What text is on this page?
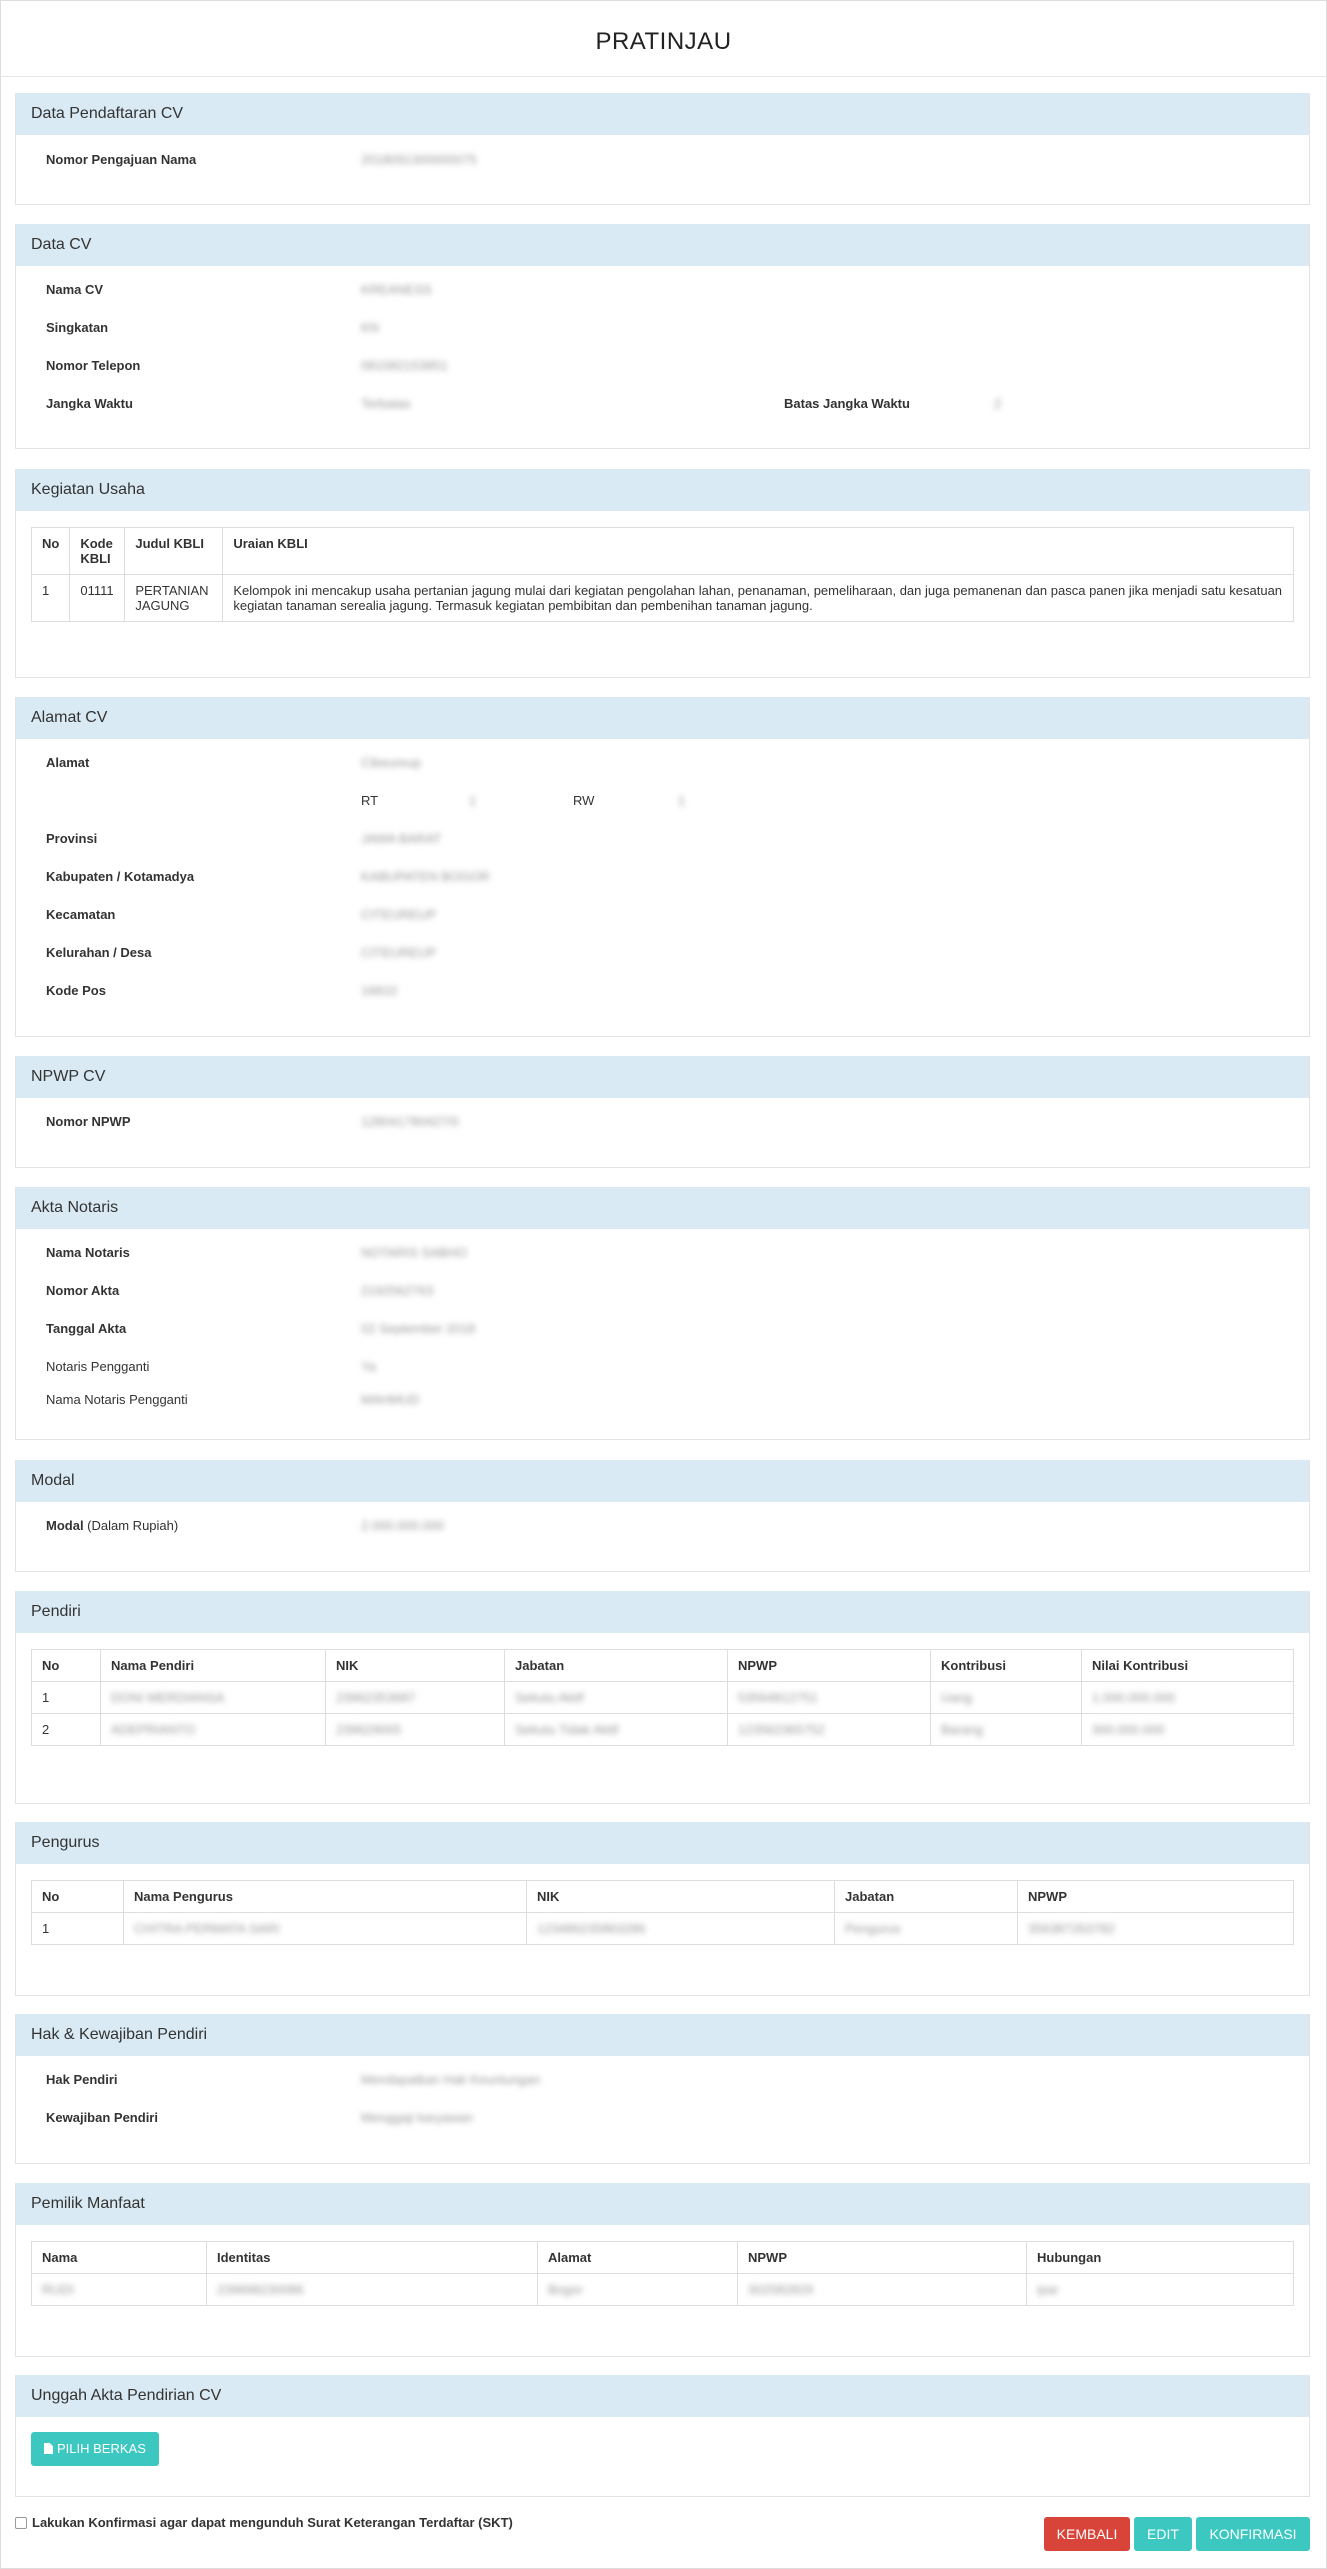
PRATINJAU
Data Pendaftaran CV
Nomor Pengajuan Nama	2018091300000075
Data CV
Nama CV	KREANESS
Singkatan	KN
Nomor Telepon	081582153851
Jangka Waktu	Terbatas	Batas Jangka Waktu	2
Kegiatan Usaha
No	Kode KBLI	Judul KBLI	Uraian KBLI
1	01111	PERTANIAN JAGUNG	Kelompok ini mencakup usaha pertanian jagung mulai dari kegiatan pengolahan lahan, penanaman, pemeliharaan, dan juga pemanenan dan pasca panen jika menjadi satu kesatuan kegiatan tanaman serealia jagung. Termasuk kegiatan pembibitan dan pembenihan tanaman jagung.
Alamat CV
Alamat	Cibeureup
RT	1	RW	1
Provinsi	JAWA BARAT
Kabupaten / Kotamadya	KABUPATEN BOGOR
Kecamatan	CITEUREUP
Kelurahan / Desa	CITEUREUP
Kode Pos	16810
NPWP CV
Nomor NPWP	128041780427/0
Akta Notaris
Nama Notaris	NOTARIS SABHO
Nomor Akta	2192562763
Tanggal Akta	02 September 2018
Notaris Pengganti	Ya
Nama Notaris Pengganti	MAHMUD
Modal
Modal (Dalam Rupiah)	2.000.000.000
Pendiri
No	Nama Pendiri	NIK	Jabatan	NPWP	Kontribusi	Nilai Kontribusi
1	DONI MERDIANSA	23962353687	Sekutu Aktif	53564812751	Uang	1.000.000.000
2	ADEPRIANTO	239629005	Sekutu Tidak Aktif	123562365752	Barang	300.000.000
Pengurus
No	Nama Pengurus	NIK	Jabatan	NPWP
1	CHITRA PERMATA SARI	123486235863286	Pengurus	356387263782
Hak & Kewajiban Pendiri
Hak Pendiri	Mendapatkan Hak Keuntungan
Kewajiban Pendiri	Menggaji karyawan
Pemilik Manfaat
Nama	Identitas	Alamat	NPWP	Hubungan
RUDI	239698230086	Bogor	302582829	ipar
Unggah Akta Pendirian CV
PILIH BERKAS
Lakukan Konfirmasi agar dapat mengunduh Surat Keterangan Terdaftar (SKT)
KEMBALI	EDIT	KONFIRMASI
